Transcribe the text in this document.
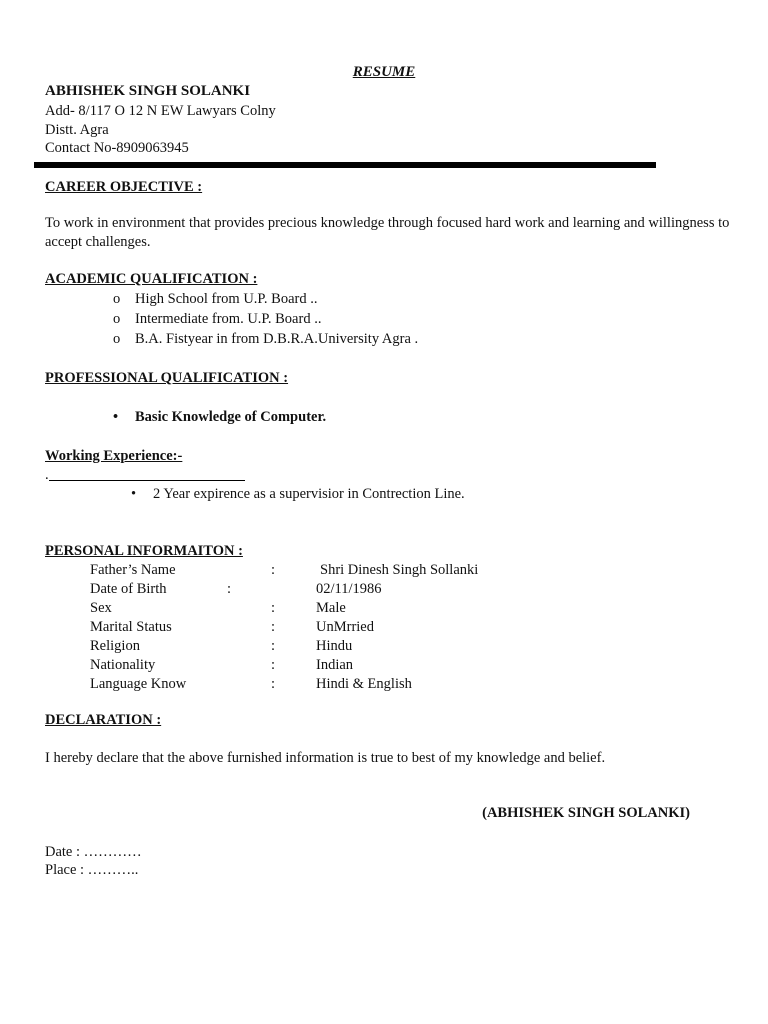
RESUME
ABHISHEK SINGH SOLANKI
Add- 8/117 O 12 N EW Lawyars Colny
Distt. Agra
Contact No-8909063945
CAREER OBJECTIVE :
To work in environment that provides precious knowledge through focused hard work and learning and willingness to accept challenges.
ACADEMIC QUALIFICATION :
o High School from U.P. Board ..
o Intermediate from. U.P. Board ..
o B.A. Fistyear in from D.B.R.A.University Agra .
PROFESSIONAL QUALIFICATION :
• Basic Knowledge of Computer.
Working Experience:-
.
• 2 Year expirence as a supervisior in Contrection Line.
PERSONAL INFORMAITON :
Father’s Name	:	Shri Dinesh Singh Sollanki
Date of Birth	:	02/11/1986
Sex	:	Male
Marital Status	:	UnMrried
Religion	:	Hindu
Nationality	:	Indian
Language Know	:	Hindi & English
DECLARATION :
I hereby declare that the above furnished information is true to best of my knowledge and belief.
(ABHISHEK SINGH SOLANKI)
Date : …………
Place : ………..
